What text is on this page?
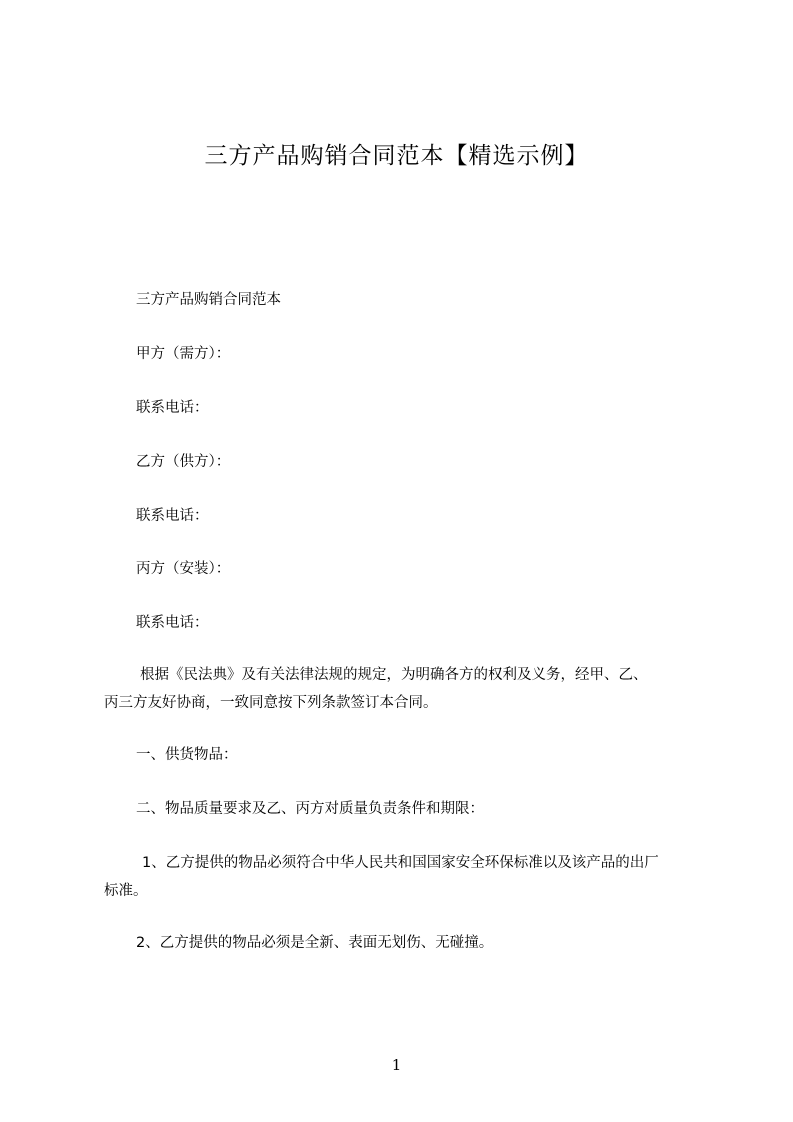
三方产品购销合同范本【精选示例】
三方产品购销合同范本
甲方（需方）：
联系电话：
乙方（供方）：
联系电话：
丙方（安装）：
联系电话：
根据《民法典》及有关法律法规的规定，为明确各方的权利及义务，经甲、乙、
丙三方友好协商，一致同意按下列条款签订本合同。
一、供货物品：
二、物品质量要求及乙、丙方对质量负责条件和期限：
1、乙方提供的物品必须符合中华人民共和国国家安全环保标准以及该产品的出厂
标准。
2、乙方提供的物品必须是全新、表面无划伤、无碰撞。
1
